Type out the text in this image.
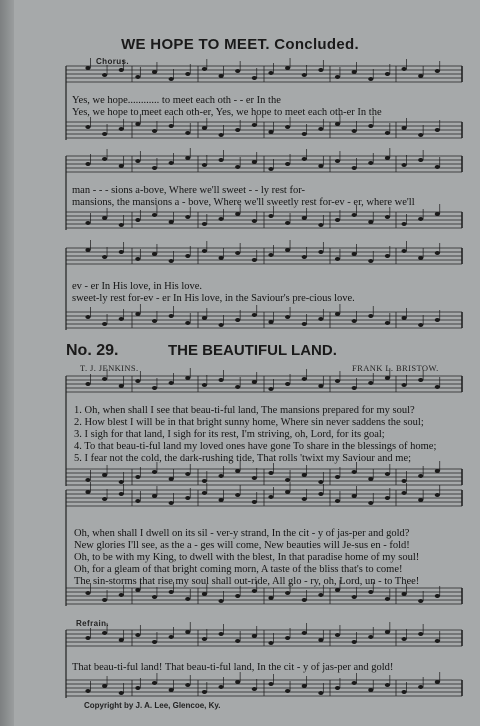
WE HOPE TO MEET. Concluded.
Chorus.
Yes, we hope............ to meet each oth - - er In the
Yes, we hope to meet each oth-er, Yes, we hope to meet each oth-er In the
man - - - sions a-bove, Where we'll sweet - - ly rest for-
mansions, the mansions a - bove, Where we'll sweetly rest for-ev - er, where we'll
ev - er In His love, in His love.
sweet-ly rest for-ev - er In His love, in the Saviour's pre-cious love.
No. 29.	THE BEAUTIFUL LAND.
T. J. JENKINS.	FRANK L. BRISTOW.
1. Oh, when shall I see that beau-ti-ful land, The mansions prepared for my soul?
2. How blest I will be in that bright sunny home, Where sin never saddens the soul;
3. I sigh for that land, I sigh for its rest, I'm striving, oh, Lord, for its goal;
4. To that beau-ti-ful land my loved ones have gone To share in the blessings of home;
5. I fear not the cold, the dark-rushing tide, That rolls 'twixt my Saviour and me;
Oh, when shall I dwell on its sil - ver-y strand, In the cit - y of jas-per and gold?
New glories I'll see, as the a - ges will come, New beauties will Je-sus en - fold!
Oh, to be with my King, to dwell with the blest, In that paradise home of my soul!
Oh, for a gleam of that bright coming morn, A taste of the bliss that's to come!
The sin-storms that rise my soul shall out-ride, All glo - ry, oh, Lord, un - to Thee!
Refrain.
That beau-ti-ful land! That beau-ti-ful land, In the cit - y of jas-per and gold!
Copyright by J. A. Lee, Glencoe, Ky.
